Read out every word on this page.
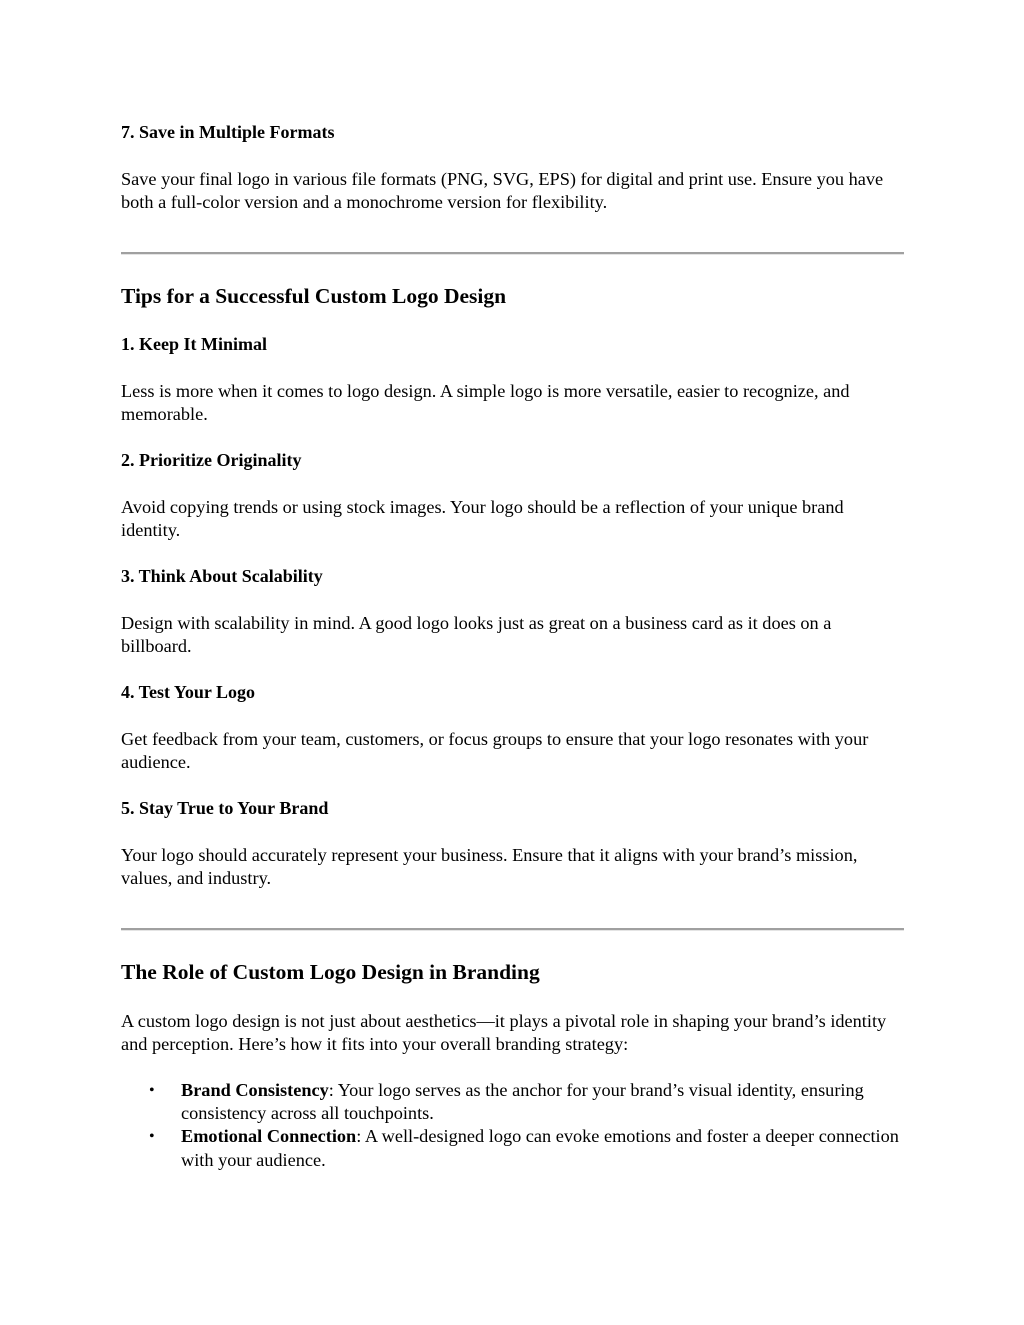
7. Save in Multiple Formats

Save your final logo in various file formats (PNG, SVG, EPS) for digital and print use. Ensure you have both a full-color version and a monochrome version for flexibility.

Tips for a Successful Custom Logo Design
1. Keep It Minimal

Less is more when it comes to logo design. A simple logo is more versatile, easier to recognize, and memorable.

2. Prioritize Originality

Avoid copying trends or using stock images. Your logo should be a reflection of your unique brand identity.

3. Think About Scalability

Design with scalability in mind. A good logo looks just as great on a business card as it does on a billboard.

4. Test Your Logo

Get feedback from your team, customers, or focus groups to ensure that your logo resonates with your audience.

5. Stay True to Your Brand

Your logo should accurately represent your business. Ensure that it aligns with your brand’s mission, values, and industry.

The Role of Custom Logo Design in Branding

A custom logo design is not just about aesthetics—it plays a pivotal role in shaping your brand’s identity and perception. Here’s how it fits into your overall branding strategy:

• Brand Consistency: Your logo serves as the anchor for your brand’s visual identity, ensuring consistency across all touchpoints.
• Emotional Connection: A well-designed logo can evoke emotions and foster a deeper connection with your audience.
